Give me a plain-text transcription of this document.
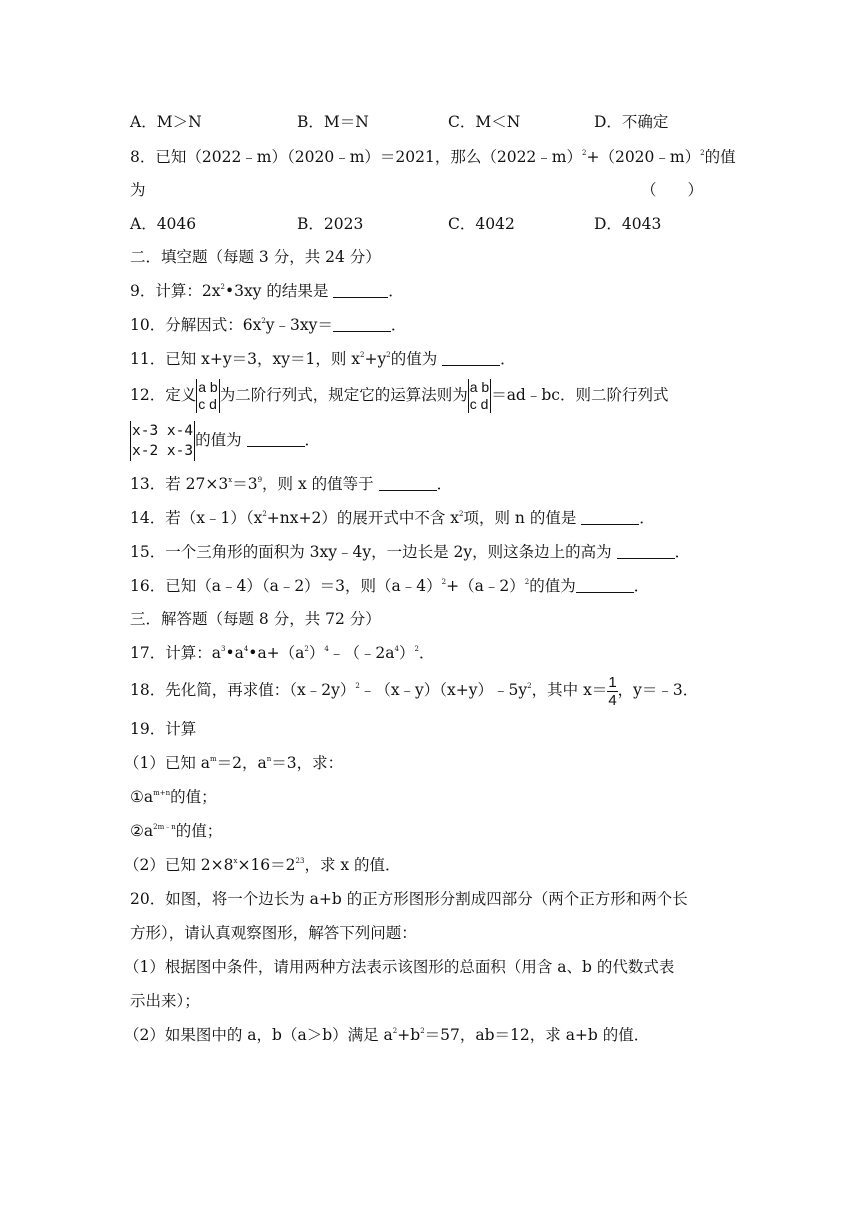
A．M＞N	B．M＝N	C．M＜N	D．不确定
8．已知（2022﹣m）（2020﹣m）＝2021，那么（2022﹣m）$^2$+（2020﹣m）$^2$的值
为	（　　）
A．4046	B．2023	C．4042	D．4043
二．填空题（每题 3 分，共 24 分）
9．计算：$2x^2•3xy$ 的结果是	．
10．分解因式：$6x^2y﹣3xy=$	．
11．已知 x+y＝3，xy＝1，则 $x^2+y^2$的值为	．
12．定义 a b
c d 为二阶行列式，规定它的运算法则为 a b
c d ＝ad﹣bc．则二阶行列式
x-3 x-4
x-2 x-3
的值为	．
13．若 $27\times 3^x=3^9$，则 x 的值等于	．
14．若$(x﹣1)(x^2+nx+2)$的展开式中不含 $x^2$项，则 n 的值是	．
15．一个三角形的面积为 3xy﹣4y，一边长是 2y，则这条边上的高为	．
16．已知（a﹣4）（a﹣2）＝3，则（a﹣4）$^2$+（a﹣2）$^2$的值为	．
三．解答题（每题 8 分，共 72 分）
17．计算：$a^3•a^4•a+(a^2)^4﹣(﹣2a^4)^2$．
18．先化简，再求值：$(x﹣2y)^2﹣(x﹣y)(x+y)﹣5y^2$，其中 $x= \frac{1}{4}$ ，y＝﹣3．
19．计算
（1）已知 $a^m=2$，$a^n=3$，求：
$①a^{m+n}$的值；
$②a^{2m﹣n}$的值；
（2）已知 $2\times 8^x\times 16=2^{23}$，求 x 的值．
20．如图，将一个边长为 a+b 的正方形图形分割成四部分（两个正方形和两个长
方形），请认真观察图形，解答下列问题：
（1）根据图中条件，请用两种方法表示该图形的总面积（用含 a、b 的代数式表
示出来）；
（2）如果图中的 a，b（a＞b）满足 $a^2+b^2=57$，ab＝12，求 a+b 的值．
